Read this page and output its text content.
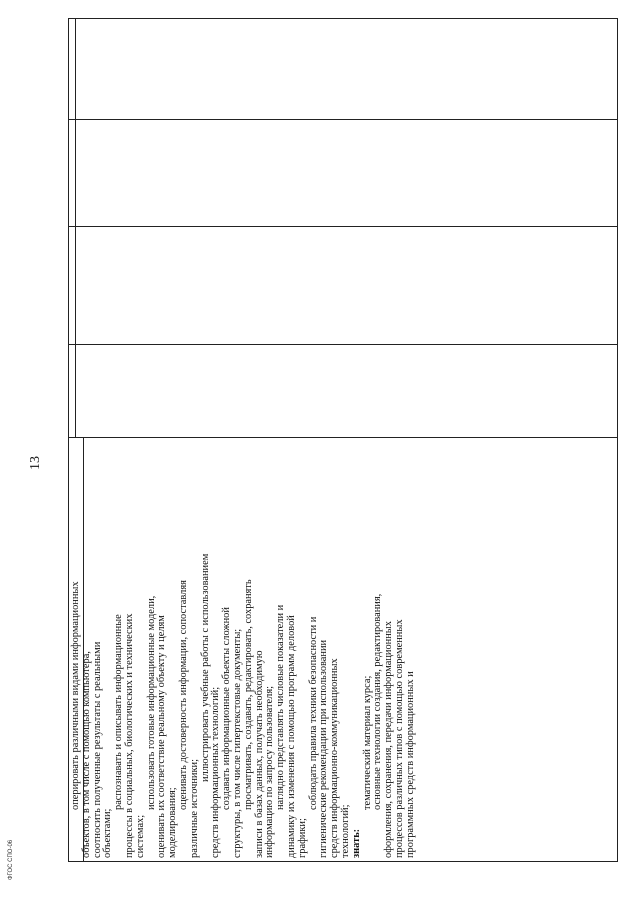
13
оперировать различными видами информационных объектов, в том числе с помощью компьютера, соотносить полученные результаты с реальными объектами;
распознавать и описывать информационные процессы в социальных, биологических и технических системах;
использовать готовые информационные модели, оценивать их соответствие реальному объекту и целям моделирования;
оценивать достоверность информации, сопоставляя различные источники;
иллюстрировать учебные работы с использованием средств информационных технологий; создавать информационные объекты сложной структуры, в том числе гипертекстовые документы; просматривать, создавать, редактировать, сохранять записи в базах данных, получать необходимую информацию по запросу пользователя; наглядно представлять числовые показатели и динамику их изменения с помощью программ деловой графики;
соблюдать правила техники безопасности и гигиенические рекомендации при использовании средств информационно-коммуникационных технологий; знать:
тематический материал курса; основные технологии создания, редактирования, оформления, сохранения, передачи информационных процессов различных типов с помощью современных программных средств информационных и
ФГОС СПО-06
